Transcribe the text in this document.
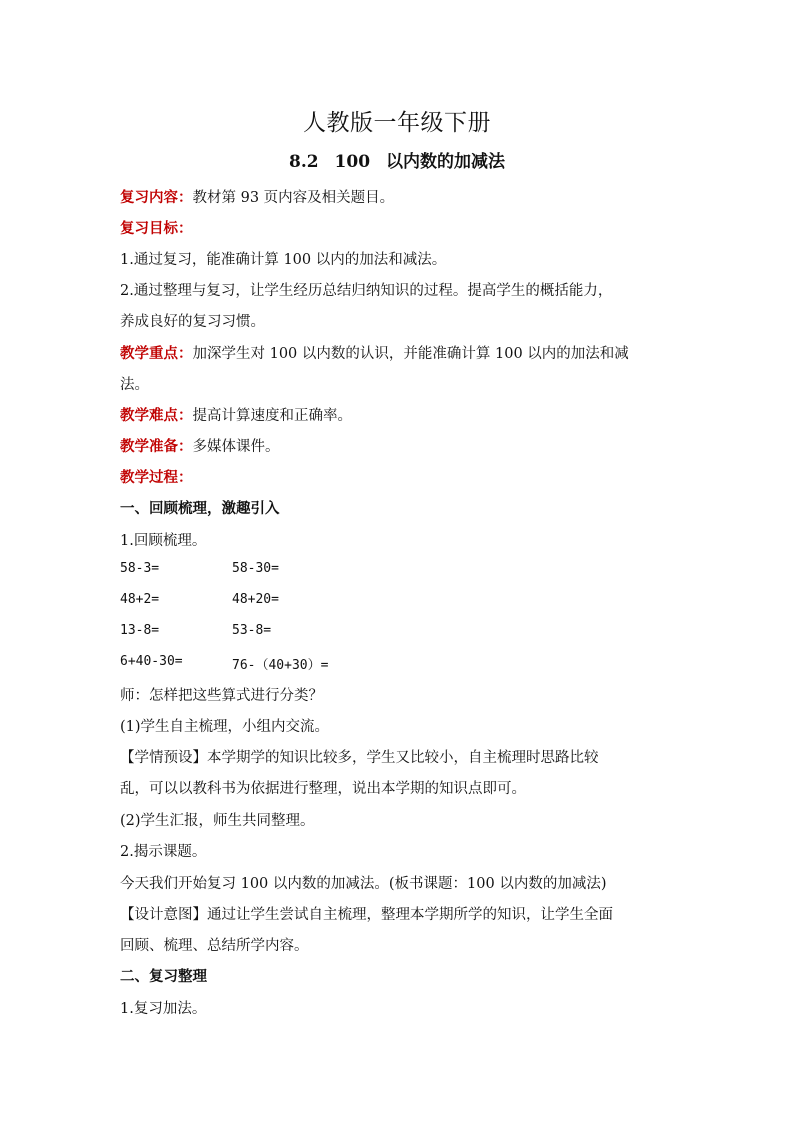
人教版一年级下册
8.2 100 以内数的加减法
复习内容：教材第 93 页内容及相关题目。
复习目标：
1.通过复习，能准确计算 100 以内的加法和减法。
2.通过整理与复习，让学生经历总结归纳知识的过程。提高学生的概括能力，
养成良好的复习习惯。
教学重点：加深学生对 100 以内数的认识，并能准确计算 100 以内的加法和减
法。
教学难点：提高计算速度和正确率。
教学准备：多媒体课件。
教学过程：
一、回顾梳理，激趣引入
1.回顾梳理。
58-3=	58-30=
48+2=	48+20=
13-8=	53-8=
6+40-30=	76-（40+30）=
师：怎样把这些算式进行分类？
(1)学生自主梳理，小组内交流。
【学情预设】本学期学的知识比较多，学生又比较小，自主梳理时思路比较
乱，可以以教科书为依据进行整理，说出本学期的知识点即可。
(2)学生汇报，师生共同整理。
2.揭示课题。
今天我们开始复习 100 以内数的加减法。(板书课题：100 以内数的加减法)
【设计意图】通过让学生尝试自主梳理，整理本学期所学的知识，让学生全面
回顾、梳理、总结所学内容。
二、复习整理
1.复习加法。
